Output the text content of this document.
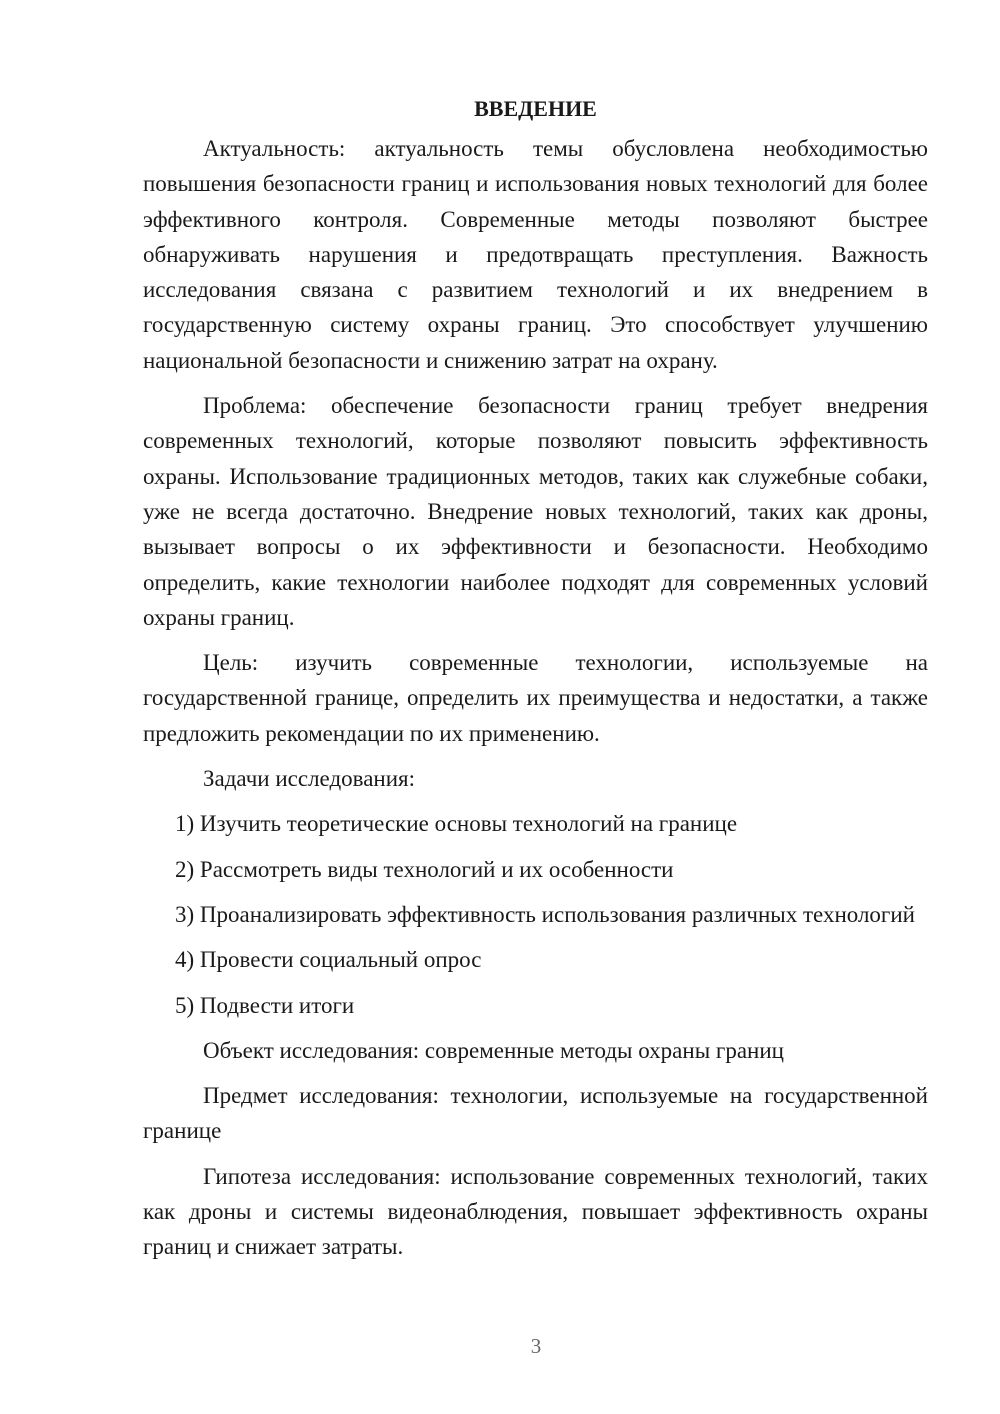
ВВЕДЕНИЕ

Актуальность: актуальность темы обусловлена необходимостью повышения безопасности границ и использования новых технологий для более эффективного контроля. Современные методы позволяют быстрее обнаруживать нарушения и предотвращать преступления. Важность исследования связана с развитием технологий и их внедрением в государственную систему охраны границ. Это способствует улучшению национальной безопасности и снижению затрат на охрану.

Проблема: обеспечение безопасности границ требует внедрения современных технологий, которые позволяют повысить эффективность охраны. Использование традиционных методов, таких как служебные собаки, уже не всегда достаточно. Внедрение новых технологий, таких как дроны, вызывает вопросы о их эффективности и безопасности. Необходимо определить, какие технологии наиболее подходят для современных условий охраны границ.

Цель: изучить современные технологии, используемые на государственной границе, определить их преимущества и недостатки, а также предложить рекомендации по их применению.

Задачи исследования:

1) Изучить теоретические основы технологий на границе

2) Рассмотреть виды технологий и их особенности

3) Проанализировать эффективность использования различных технологий

4) Провести социальный опрос

5) Подвести итоги

Объект исследования: современные методы охраны границ

Предмет исследования: технологии, используемые на государственной границе

Гипотеза исследования: использование современных технологий, таких как дроны и системы видеонаблюдения, повышает эффективность охраны границ и снижает затраты.

3
